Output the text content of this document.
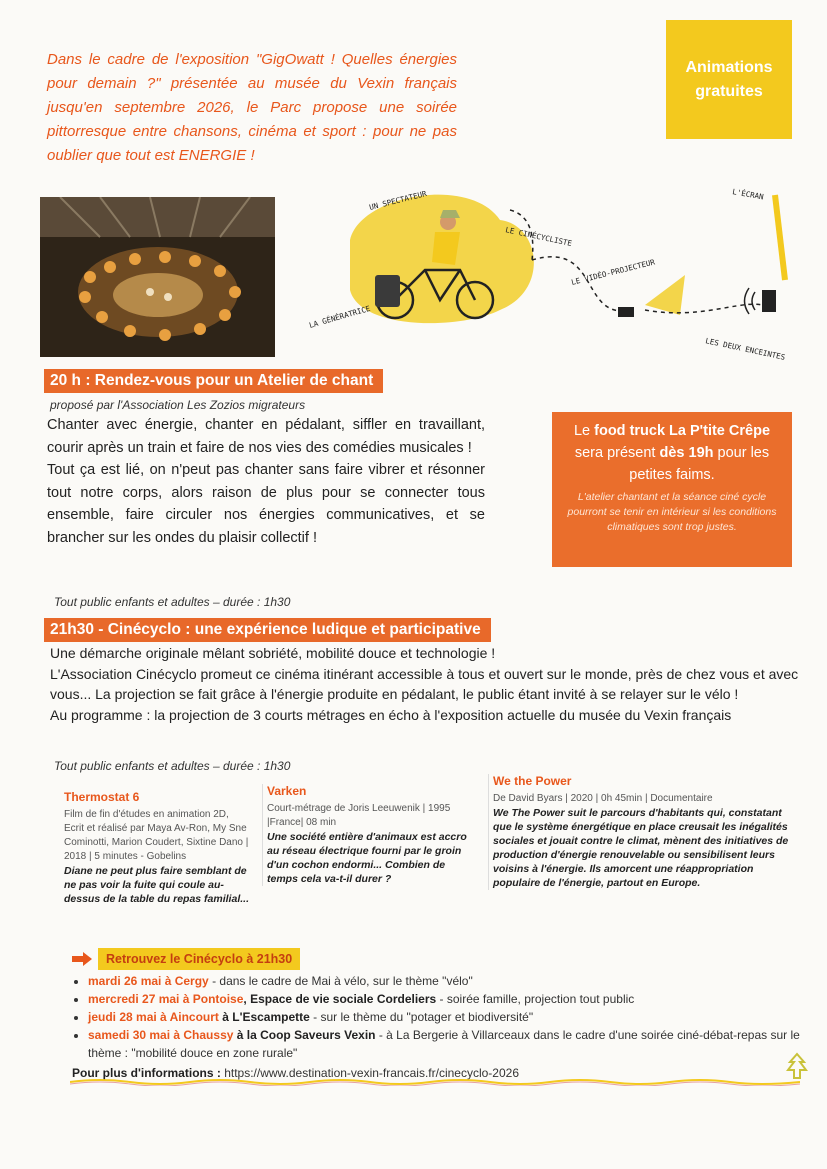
Dans le cadre de l'exposition "GigOwatt ! Quelles énergies pour demain ?" présentée au musée du Vexin français jusqu'en septembre 2026, le Parc propose une soirée pittorresque entre chansons, cinéma et sport : pour ne pas oublier que tout est ENERGIE !
Animations
gratuites
UN SPECTATEUR
LE CINÉCYCLISTE
L'ÉCRAN
LE VIDÉO-PROJECTEUR
LA GÉNÉRATRICE
LES DEUX ENCEINTES
20 h : Rendez-vous pour un Atelier de chant
proposé par l'Association Les Zozios migrateurs

Chanter avec énergie, chanter en pédalant, siffler en travaillant, courir après un train et faire de nos vies des comédies musicales !

Tout ça est lié, on n'peut pas chanter sans faire vibrer et résonner tout notre corps, alors raison de plus pour se connecter tous ensemble, faire circuler nos énergies communicatives, et se brancher sur les ondes du plaisir collectif !

Tout public enfants et adultes – durée : 1h30
Le food truck La P'tite Crêpe sera présent dès 19h pour les petites faims.
L'atelier chantant et la séance ciné cycle pourront se tenir en intérieur si les conditions climatiques sont trop justes.
21h30 - Cinécyclo : une expérience ludique et participative

Une démarche originale mêlant sobriété, mobilité douce et technologie !

L'Association Cinécyclo promeut ce cinéma itinérant accessible à tous et ouvert sur le monde, près de chez vous et avec vous... La projection se fait grâce à l'énergie produite en pédalant, le public étant invité à se relayer sur le vélo !

Au programme : la projection de 3 courts métrages en écho à l'exposition actuelle du musée du Vexin français

Tout public enfants et adultes – durée : 1h30
Thermostat 6
Film de fin d'études en animation 2D, Ecrit et réalisé par Maya Av-Ron, My Sne Cominotti, Marion Coudert, Sixtine Dano | 2018 | 5 minutes - Gobelins
Diane ne peut plus faire semblant de ne pas voir la fuite qui coule au-dessus de la table du repas familial...
Varken
Court-métrage de Joris Leeuwenik | 1995 |France| 08 min
Une société entière d'animaux est accro au réseau électrique fourni par le groin d'un cochon endormi... Combien de temps cela va-t-il durer ?
We the Power
De David Byars | 2020 | 0h 45min | Documentaire
We The Power suit le parcours d'habitants qui, constatant que le système énergétique en place creusait les inégalités sociales et jouait contre le climat, mènent des initiatives de production d'énergie renouvelable ou sensibilisent leurs voisins à l'énergie. Ils amorcent une réappropriation populaire de l'énergie, partout en Europe.
Retrouvez le Cinécyclo à 21h30
• mardi 26 mai à Cergy - dans le cadre de Mai à vélo, sur le thème "vélo"
• mercredi 27 mai à Pontoise, Espace de vie sociale Cordeliers - soirée famille, projection tout public
• jeudi 28 mai à Aincourt à L'Escampette - sur le thème du "potager et biodiversité"
• samedi 30 mai à Chaussy à la Coop Saveurs Vexin - à La Bergerie à Villarceaux dans le cadre d'une soirée ciné-débat-repas sur le thème : "mobilité douce en zone rurale"
Pour plus d'informations : https://www.destination-vexin-francais.fr/cinecyclo-2026
